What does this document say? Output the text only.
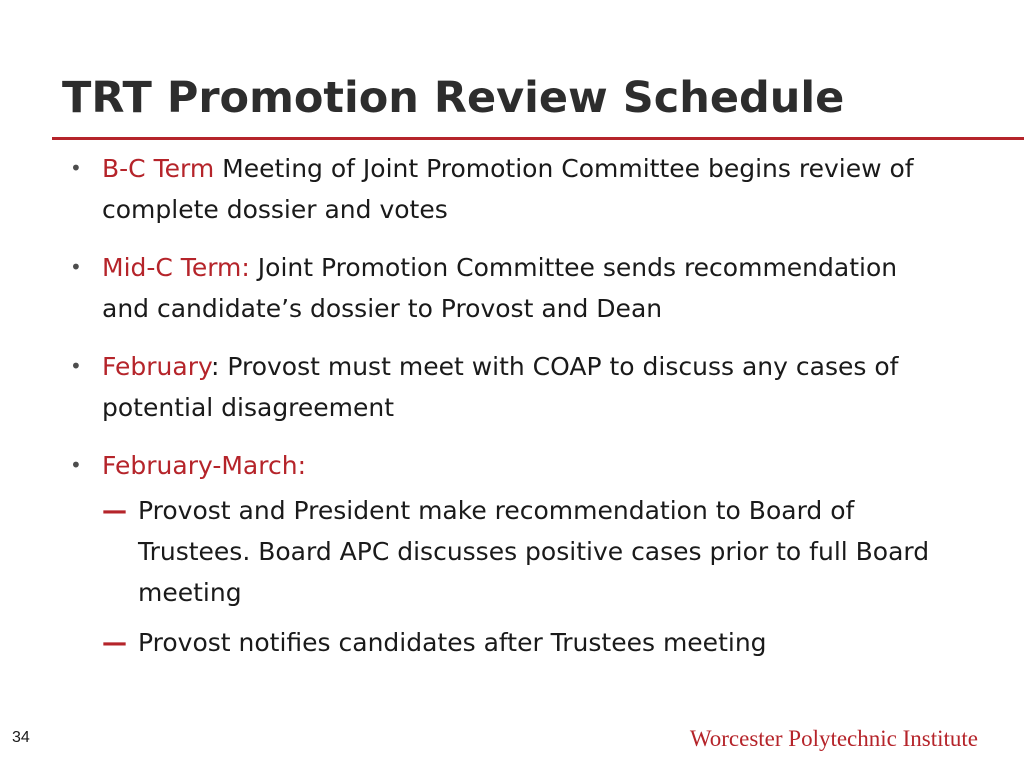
TRT Promotion Review Schedule
• B-C Term Meeting of Joint Promotion Committee begins review of complete dossier and votes
• Mid-C Term: Joint Promotion Committee sends recommendation and candidate’s dossier to Provost and Dean
• February: Provost must meet with COAP to discuss any cases of potential disagreement
• February-March:
— Provost and President make recommendation to Board of Trustees. Board APC discusses positive cases prior to full Board meeting
— Provost notifies candidates after Trustees meeting
34	Worcester Polytechnic Institute
